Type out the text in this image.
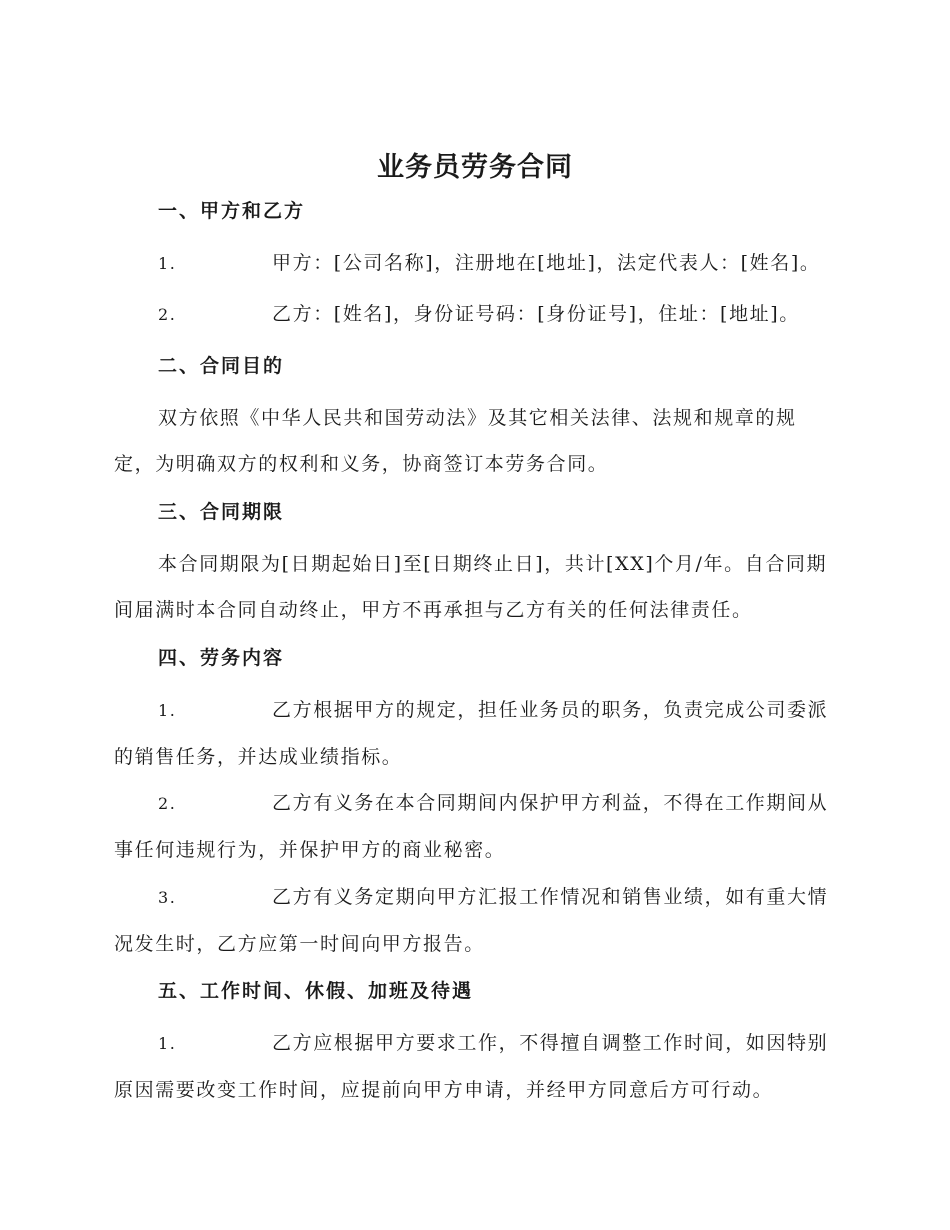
业务员劳务合同
一、甲方和乙方
1.	甲方：[公司名称]，注册地在[地址]，法定代表人：[姓名]。
2.	乙方：[姓名]，身份证号码：[身份证号]，住址：[地址]。
二、合同目的
双方依照《中华人民共和国劳动法》及其它相关法律、法规和规章的规定，为明确双方的权利和义务，协商签订本劳务合同。
三、合同期限
本合同期限为[日期起始日]至[日期终止日]，共计[XX]个月/年。自合同期间届满时本合同自动终止，甲方不再承担与乙方有关的任何法律责任。
四、劳务内容
1.	乙方根据甲方的规定，担任业务员的职务，负责完成公司委派的销售任务，并达成业绩指标。
2.	乙方有义务在本合同期间内保护甲方利益，不得在工作期间从事任何违规行为，并保护甲方的商业秘密。
3.	乙方有义务定期向甲方汇报工作情况和销售业绩，如有重大情况发生时，乙方应第一时间向甲方报告。
五、工作时间、休假、加班及待遇
1.	乙方应根据甲方要求工作，不得擅自调整工作时间，如因特别原因需要改变工作时间，应提前向甲方申请，并经甲方同意后方可行动。
